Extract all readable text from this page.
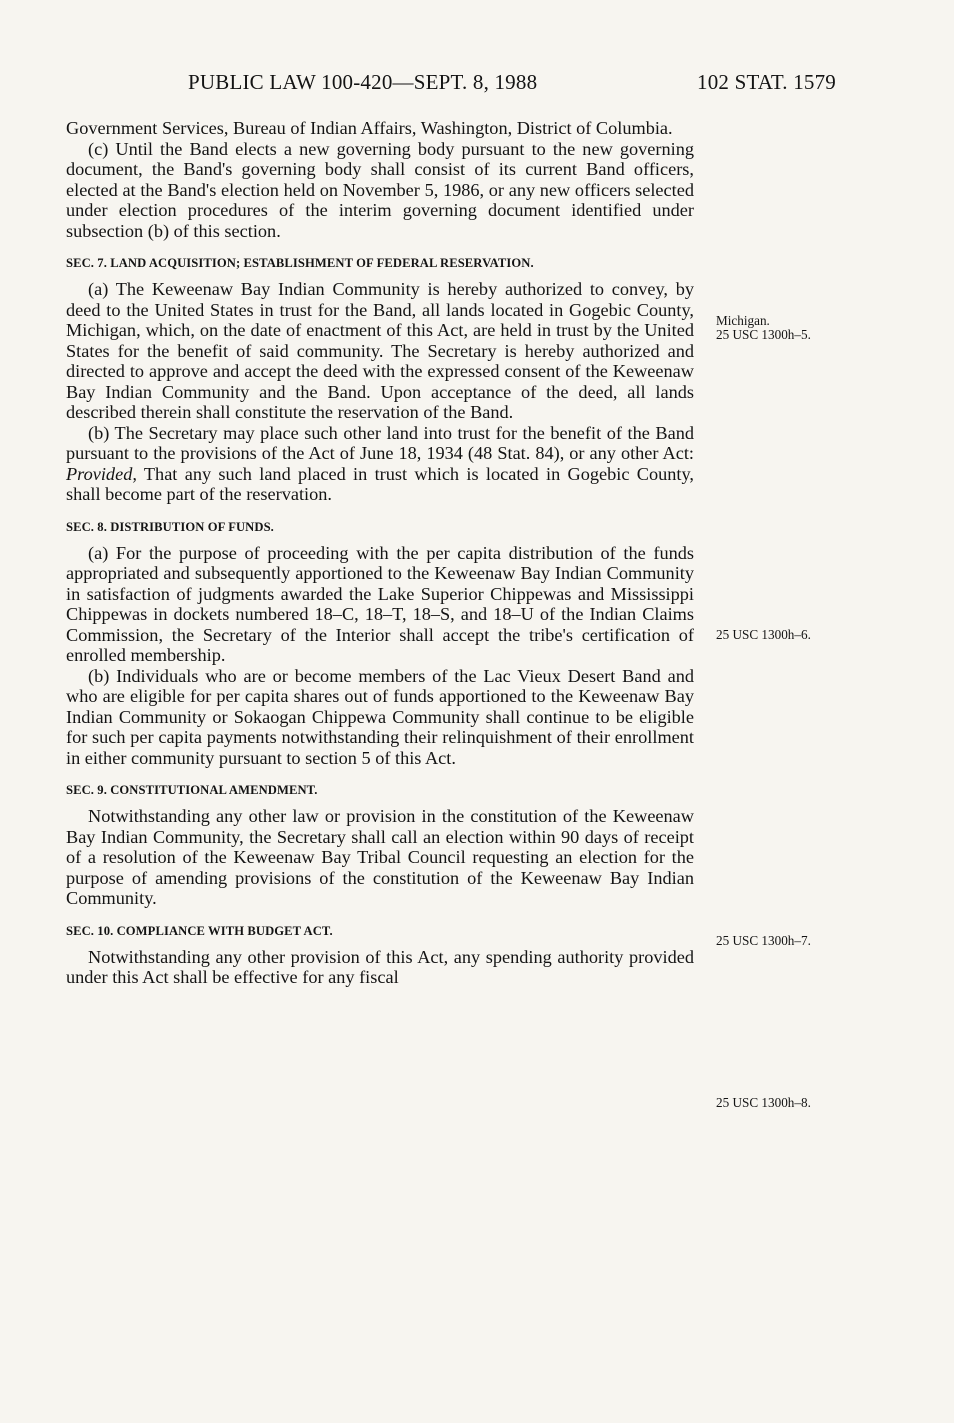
PUBLIC LAW 100-420—SEPT. 8, 1988	102 STAT. 1579
Michigan.
25 USC 1300h–5.
25 USC 1300h–6.
25 USC 1300h–7.
25 USC 1300h–8.

Government Services, Bureau of Indian Affairs, Washington, District of Columbia.

(c) Until the Band elects a new governing body pursuant to the new governing document, the Band's governing body shall consist of its current Band officers, elected at the Band's election held on November 5, 1986, or any new officers selected under election procedures of the interim governing document identified under subsection (b) of this section.

SEC. 7. LAND ACQUISITION; ESTABLISHMENT OF FEDERAL RESERVATION.

(a) The Keweenaw Bay Indian Community is hereby authorized to convey, by deed to the United States in trust for the Band, all lands located in Gogebic County, Michigan, which, on the date of enactment of this Act, are held in trust by the United States for the benefit of said community. The Secretary is hereby authorized and directed to approve and accept the deed with the expressed consent of the Keweenaw Bay Indian Community and the Band. Upon acceptance of the deed, all lands described therein shall constitute the reservation of the Band.

(b) The Secretary may place such other land into trust for the benefit of the Band pursuant to the provisions of the Act of June 18, 1934 (48 Stat. 84), or any other Act: Provided, That any such land placed in trust which is located in Gogebic County, shall become part of the reservation.

SEC. 8. DISTRIBUTION OF FUNDS.

(a) For the purpose of proceeding with the per capita distribution of the funds appropriated and subsequently apportioned to the Keweenaw Bay Indian Community in satisfaction of judgments awarded the Lake Superior Chippewas and Mississippi Chippewas in dockets numbered 18–C, 18–T, 18–S, and 18–U of the Indian Claims Commission, the Secretary of the Interior shall accept the tribe's certification of enrolled membership.

(b) Individuals who are or become members of the Lac Vieux Desert Band and who are eligible for per capita shares out of funds apportioned to the Keweenaw Bay Indian Community or Sokaogan Chippewa Community shall continue to be eligible for such per capita payments notwithstanding their relinquishment of their enrollment in either community pursuant to section 5 of this Act.

SEC. 9. CONSTITUTIONAL AMENDMENT.

Notwithstanding any other law or provision in the constitution of the Keweenaw Bay Indian Community, the Secretary shall call an election within 90 days of receipt of a resolution of the Keweenaw Bay Tribal Council requesting an election for the purpose of amending provisions of the constitution of the Keweenaw Bay Indian Community.

SEC. 10. COMPLIANCE WITH BUDGET ACT.

Notwithstanding any other provision of this Act, any spending authority provided under this Act shall be effective for any fiscal
